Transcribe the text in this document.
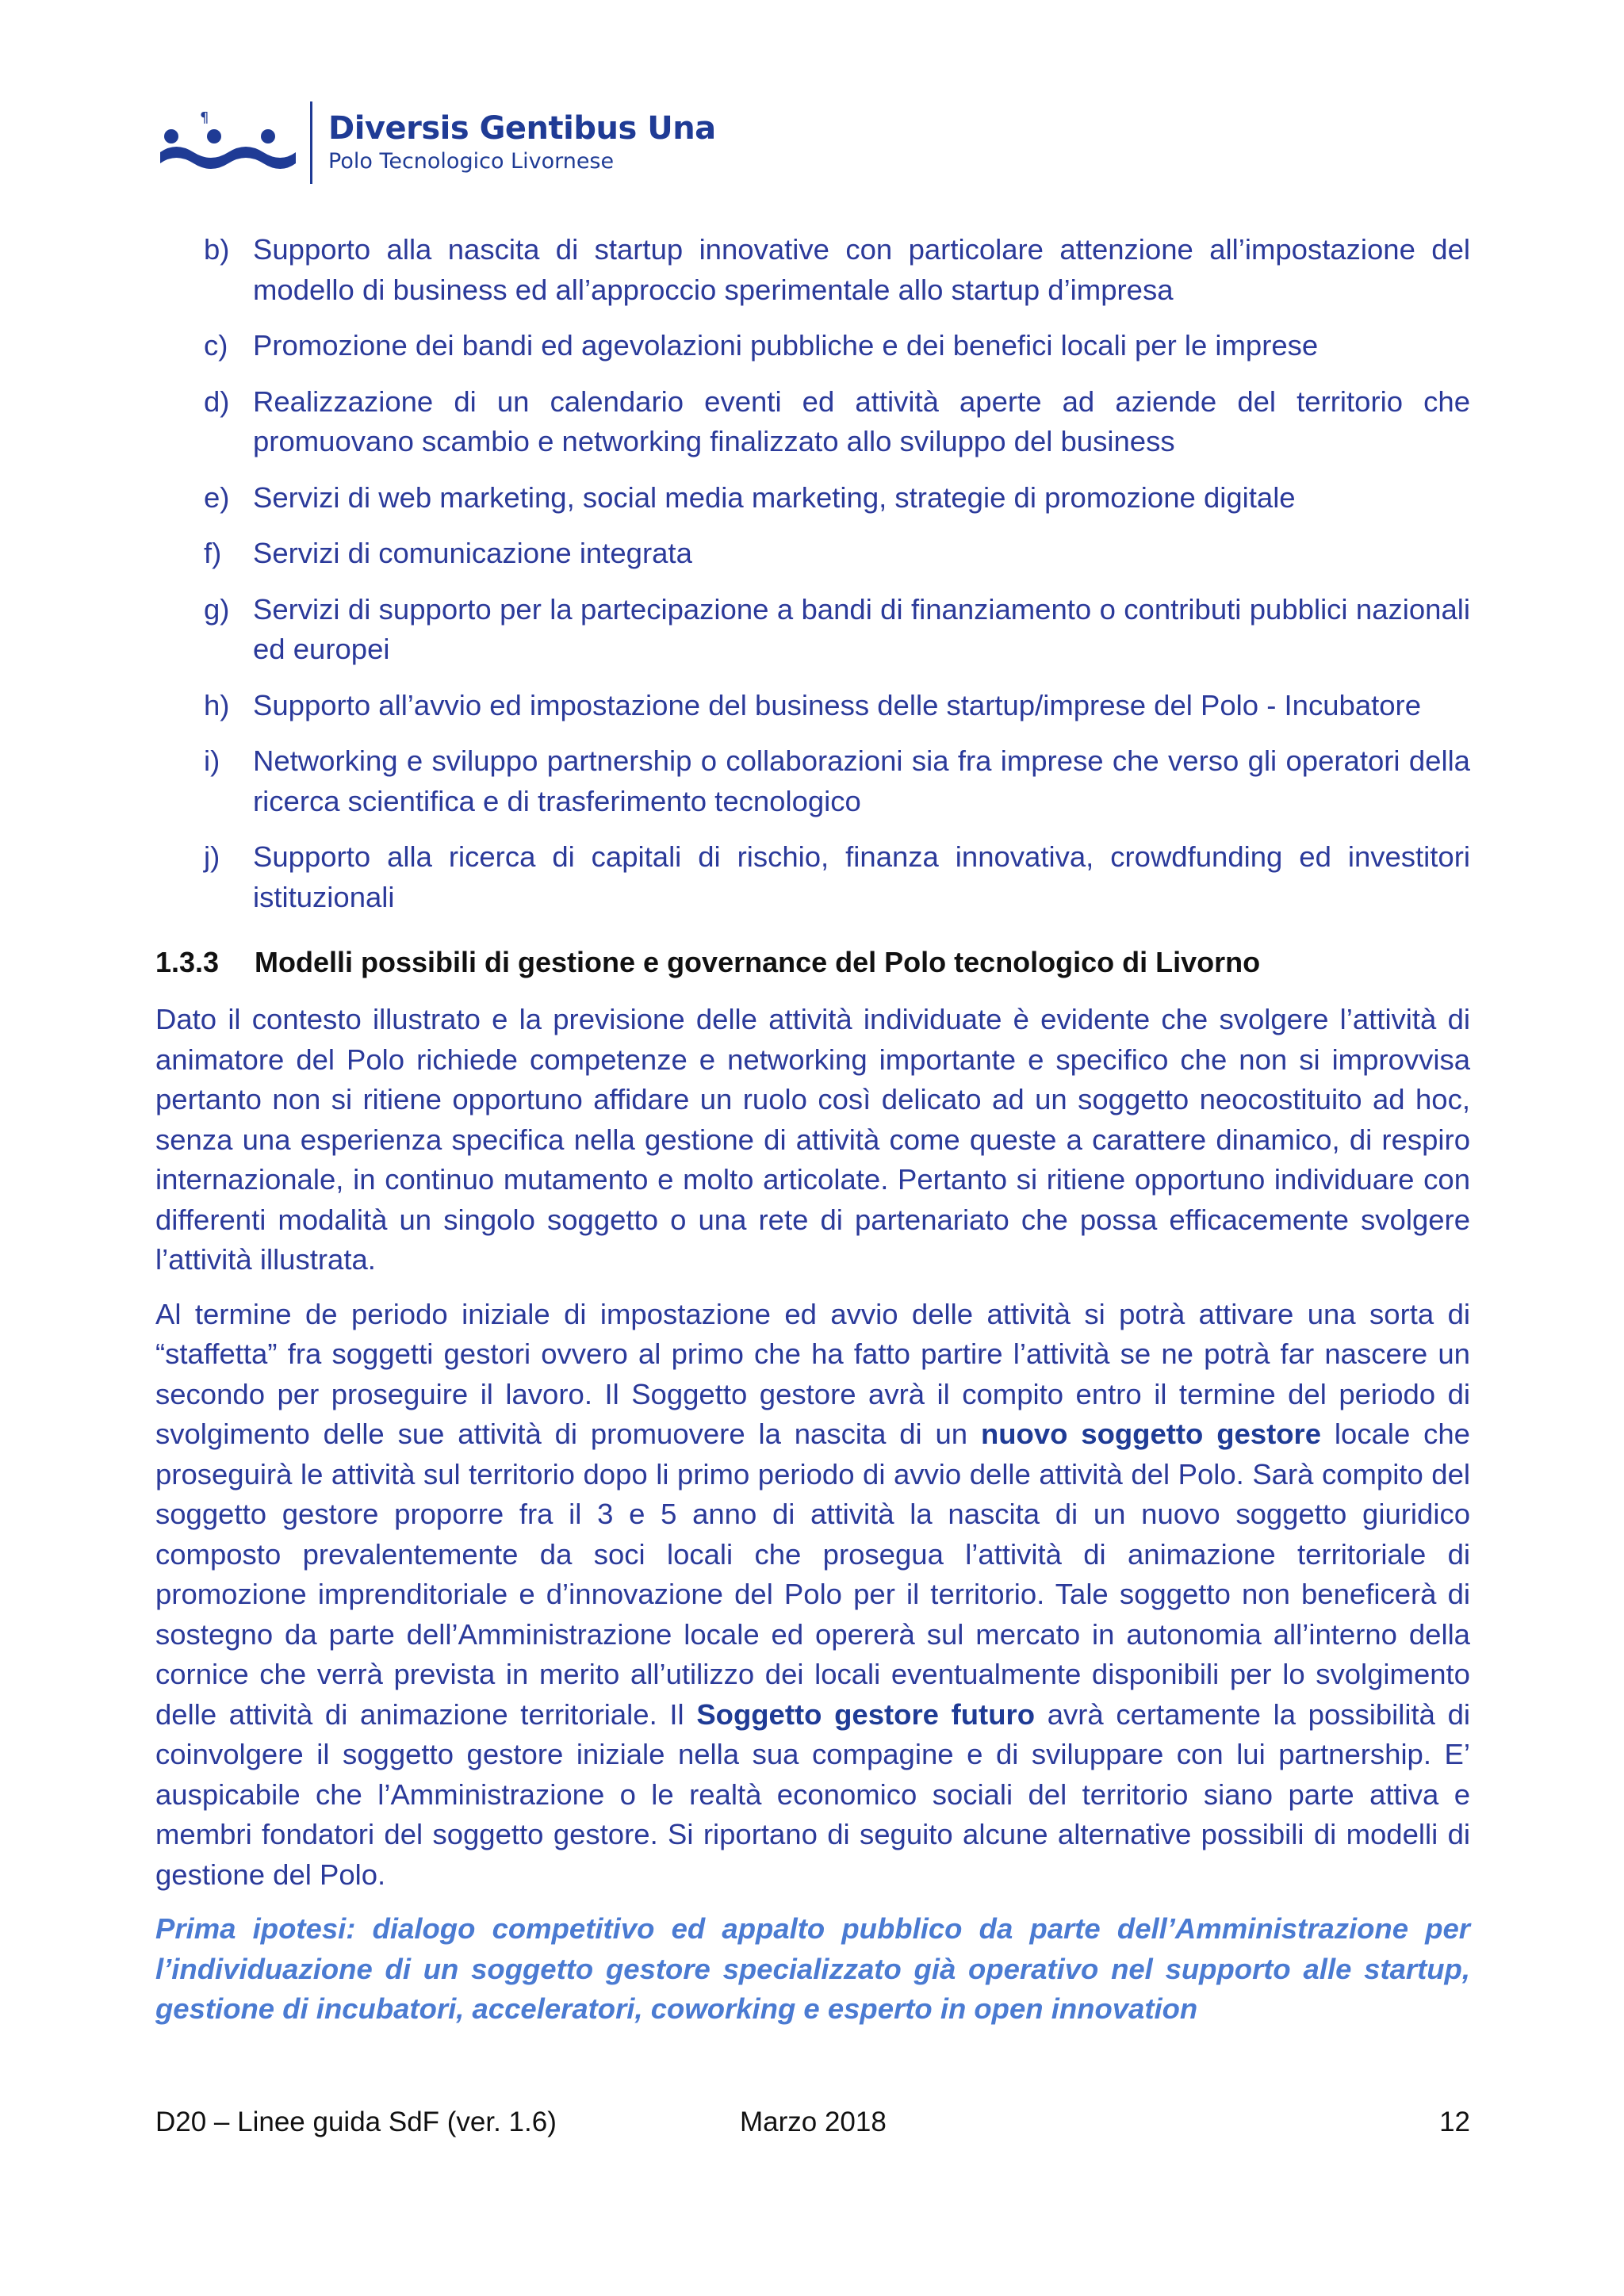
¶	Diversis Gentibus Una
Polo Tecnologico Livornese
b) Supporto alla nascita di startup innovative con particolare attenzione all’impostazione del modello di business ed all’approccio sperimentale allo startup d’impresa
c) Promozione dei bandi ed agevolazioni pubbliche e dei benefici locali per le imprese
d) Realizzazione di un calendario eventi ed attività aperte ad aziende del territorio che promuovano scambio e networking finalizzato allo sviluppo del business
e) Servizi di web marketing, social media marketing, strategie di promozione digitale
f) Servizi di comunicazione integrata
g) Servizi di supporto per la partecipazione a bandi di finanziamento o contributi pubblici nazionali ed europei
h) Supporto all’avvio ed impostazione del business delle startup/imprese del Polo - Incubatore
i) Networking e sviluppo partnership o collaborazioni sia fra imprese che verso gli operatori della ricerca scientifica e di trasferimento tecnologico
j) Supporto alla ricerca di capitali di rischio, finanza innovativa, crowdfunding ed investitori istituzionali
1.3.3 Modelli possibili di gestione e governance del Polo tecnologico di Livorno

Dato il contesto illustrato e la previsione delle attività individuate è evidente che svolgere l’attività di animatore del Polo richiede competenze e networking importante e specifico che non si improvvisa pertanto non si ritiene opportuno affidare un ruolo così delicato ad un soggetto neocostituito ad hoc, senza una esperienza specifica nella gestione di attività come queste a carattere dinamico, di respiro internazionale, in continuo mutamento e molto articolate. Pertanto si ritiene opportuno individuare con differenti modalità un singolo soggetto o una rete di partenariato che possa efficacemente svolgere l’attività illustrata.

Al termine de periodo iniziale di impostazione ed avvio delle attività si potrà attivare una sorta di “staffetta” fra soggetti gestori ovvero al primo che ha fatto partire l’attività se ne potrà far nascere un secondo per proseguire il lavoro. Il Soggetto gestore avrà il compito entro il termine del periodo di svolgimento delle sue attività di promuovere la nascita di un nuovo soggetto gestore locale che proseguirà le attività sul territorio dopo li primo periodo di avvio delle attività del Polo. Sarà compito del soggetto gestore proporre fra il 3 e 5 anno di attività la nascita di un nuovo soggetto giuridico composto prevalentemente da soci locali che prosegua l’attività di animazione territoriale di promozione imprenditoriale e d’innovazione del Polo per il territorio. Tale soggetto non beneficerà di sostegno da parte dell’Amministrazione locale ed opererà sul mercato in autonomia all’interno della cornice che verrà prevista in merito all’utilizzo dei locali eventualmente disponibili per lo svolgimento delle attività di animazione territoriale. Il Soggetto gestore futuro avrà certamente la possibilità di coinvolgere il soggetto gestore iniziale nella sua compagine e di sviluppare con lui partnership. E’ auspicabile che l’Amministrazione o le realtà economico sociali del territorio siano parte attiva e membri fondatori del soggetto gestore. Si riportano di seguito alcune alternative possibili di modelli di gestione del Polo.

Prima ipotesi: dialogo competitivo ed appalto pubblico da parte dell’Amministrazione per l’individuazione di un soggetto gestore specializzato già operativo nel supporto alle startup, gestione di incubatori, acceleratori, coworking e esperto in open innovation

D20 – Linee guida SdF (ver. 1.6)	Marzo 2018	12
